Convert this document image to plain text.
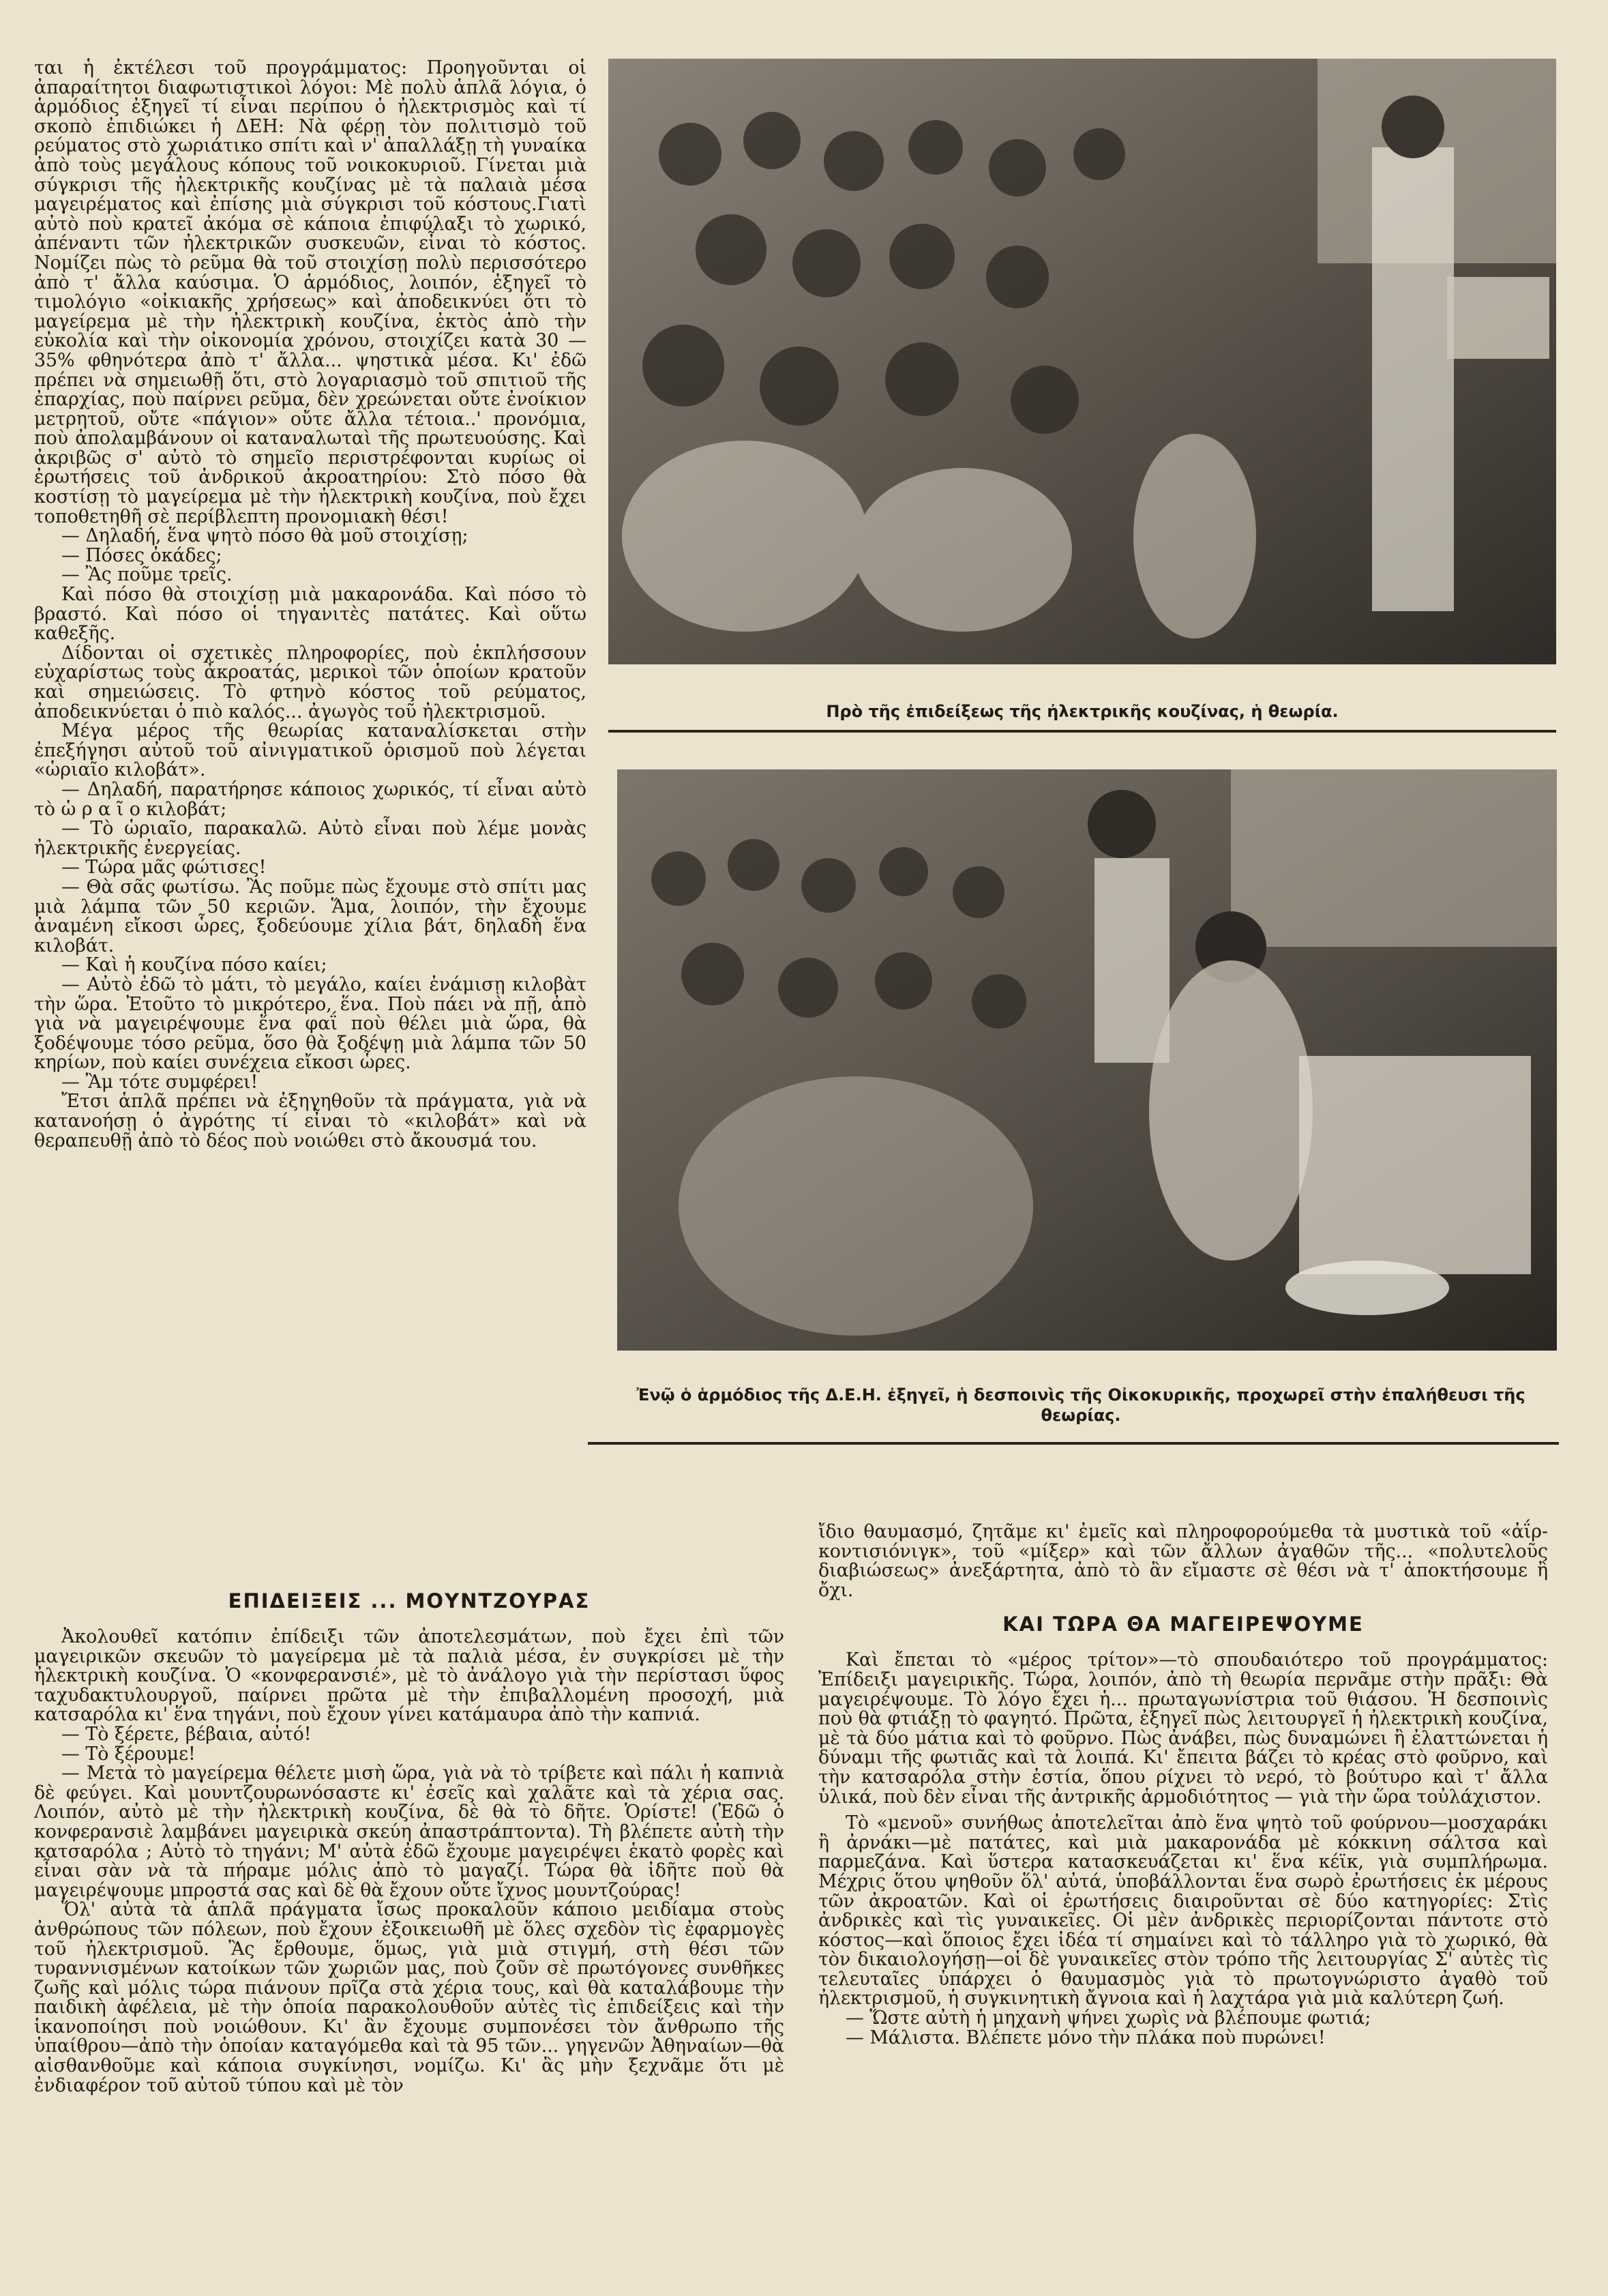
ται ἡ ἐκτέλεσι τοῦ προγράμματος: Προηγοῦνται οἱ ἀπαραίτητοι διαφωτιστικοὶ λόγοι: Μὲ πολὺ ἁπλᾶ λόγια, ὁ ἁρμόδιος ἐξηγεῖ τί εἶναι περίπου ὁ ἠλεκτρισμὸς καὶ τί σκοπὸ ἐπιδιώκει ἡ ΔΕΗ: Νὰ φέρῃ τὸν πολιτισμὸ τοῦ ρεύματος στὸ χωριάτικο σπίτι καὶ ν' ἀπαλλάξῃ τὴ γυναίκα ἀπὸ τοὺς μεγάλους κόπους τοῦ νοικοκυριοῦ. Γίνεται μιὰ σύγκρισι τῆς ἠλεκτρικῆς κουζίνας μὲ τὰ παλαιὰ μέσα μαγειρέματος καὶ ἐπίσης μιὰ σύγκρισι τοῦ κόστους.Γιατὶ αὐτὸ ποὺ κρατεῖ ἀκόμα σὲ κάποια ἐπιφύλαξι τὸ χωρικό, ἀπέναντι τῶν ἠλεκτρικῶν συσκευῶν, εἶναι τὸ κόστος. Νομίζει πὼς τὸ ρεῦμα θὰ τοῦ στοιχίσῃ πολὺ περισσότερο ἀπὸ τ' ἄλλα καύσιμα. Ὁ ἁρμόδιος, λοιπόν, ἐξηγεῖ τὸ τιμολόγιο «οἰκιακῆς χρήσεως» καὶ ἀποδεικνύει ὅτι τὸ μαγείρεμα μὲ τὴν ἠλεκτρικὴ κουζίνα, ἐκτὸς ἀπὸ τὴν εὐκολία καὶ τὴν οἰκονομία χρόνου, στοιχίζει κατὰ 30 — 35% φθηνότερα ἀπὸ τ' ἄλλα... ψηστικὰ μέσα. Κι' ἐδῶ πρέπει νὰ σημειωθῇ ὅτι, στὸ λογαριασμὸ τοῦ σπιτιοῦ τῆς ἐπαρχίας, ποὺ παίρνει ρεῦμα, δὲν χρεώνεται οὔτε ἐνοίκιον μετρητοῦ, οὔτε «πάγιον» οὔτε ἄλλα τέτοια..' προνόμια, ποὺ ἀπολαμβάνουν οἱ καταναλωταὶ τῆς πρωτευούσης. Καὶ ἀκριβῶς σ' αὐτὸ τὸ σημεῖο περιστρέφονται κυρίως οἱ ἐρωτήσεις τοῦ ἀνδρικοῦ ἀκροατηρίου: Στὸ πόσο θὰ κοστίσῃ τὸ μαγείρεμα μὲ τὴν ἠλεκτρικὴ κουζίνα, ποὺ ἔχει τοποθετηθῆ σὲ περίβλεπτη προνομιακὴ θέσι!

— Δηλαδή, ἕνα ψητὸ πόσο θὰ μοῦ στοιχίσῃ;

— Πόσες ὀκάδες;

— Ἂς ποῦμε τρεῖς.

Καὶ πόσο θὰ στοιχίσῃ μιὰ μακαρονάδα. Καὶ πόσο τὸ βραστό. Καὶ πόσο οἱ τηγανιτὲς πατάτες. Καὶ οὕτω καθεξῆς.

Δίδονται οἱ σχετικὲς πληροφορίες, ποὺ ἐκπλήσσουν εὐχαρίστως τοὺς ἀκροατάς, μερικοὶ τῶν ὁποίων κρατοῦν καὶ σημειώσεις. Τὸ φτηνὸ κόστος τοῦ ρεύματος, ἀποδεικνύεται ὁ πιὸ καλός... ἀγωγὸς τοῦ ἠλεκτρισμοῦ.

Μέγα μέρος τῆς θεωρίας καταναλίσκεται στὴν ἐπεξήγησι αὐτοῦ τοῦ αἰνιγματικοῦ ὁρισμοῦ ποὺ λέγεται «ὡριαῖο κιλοβάτ».

— Δηλαδή, παρατήρησε κάποιος χωρικός, τί εἶναι αὐτὸ τὸ ὡ ρ α ῖ ο κιλοβάτ;

— Τὸ ὡριαῖο, παρακαλῶ. Αὐτὸ εἶναι ποὺ λέμε μονὰς ἠλεκτρικῆς ἐνεργείας.

— Τώρα μᾶς φώτισες!

— Θὰ σᾶς φωτίσω. Ἂς ποῦμε πὼς ἔχουμε στὸ σπίτι μας μιὰ λάμπα τῶν 50 κεριῶν. Ἅμα, λοιπόν, τὴν ἔχουμε ἀναμένη εἴκοσι ὧρες, ξοδεύουμε χίλια βάτ, δηλαδὴ ἕνα κιλοβάτ.

— Καὶ ἡ κουζίνα πόσο καίει;

— Αὐτὸ ἐδῶ τὸ μάτι, τὸ μεγάλο, καίει ἑνάμισῃ κιλοβὰτ τὴν ὥρα. Ἐτοῦτο τὸ μικρότερο, ἕνα. Ποὺ πάει νὰ πῇ, ἀπὸ γιὰ νὰ μαγειρέψουμε ἕνα φαΐ ποὺ θέλει μιὰ ὥρα, θὰ ξοδέψουμε τόσο ρεῦμα, ὅσο θὰ ξοδέψῃ μιὰ λάμπα τῶν 50 κηρίων, ποὺ καίει συνέχεια εἴκοσι ὧρες.

— Ἂμ τότε συμφέρει!

Ἔτσι ἁπλᾶ πρέπει νὰ ἐξηγηθοῦν τὰ πράγματα, γιὰ νὰ κατανοήσῃ ὁ ἀγρότης τί εἶναι τὸ «κιλοβάτ» καὶ νὰ θεραπευθῇ ἀπὸ τὸ δέος ποὺ νοιώθει στὸ ἄκουσμά του.

Πρὸ τῆς ἐπιδείξεως τῆς ἠλεκτρικῆς κουζίνας, ἡ θεωρία.
Ἐνῷ ὁ ἁρμόδιος τῆς Δ.Ε.Η. ἐξηγεῖ, ἡ δεσποινὶς τῆς Οἰκοκυρικῆς, προχωρεῖ στὴν ἐπαλήθευσι τῆς θεωρίας.
ΕΠΙΔΕΙΞΕΙΣ ... ΜΟΥΝΤΖΟΥΡΑΣ

Ἀκολουθεῖ κατόπιν ἐπίδειξι τῶν ἀποτελεσμάτων, ποὺ ἔχει ἐπὶ τῶν μαγειρικῶν σκευῶν τὸ μαγείρεμα μὲ τὰ παλιὰ μέσα, ἐν συγκρίσει μὲ τὴν ἠλεκτρικὴ κουζίνα. Ὁ «κονφερανσιέ», μὲ τὸ ἀνάλογο γιὰ τὴν περίστασι ὕφος ταχυδακτυλουργοῦ, παίρνει πρῶτα μὲ τὴν ἐπιβαλλομένη προσοχή, μιὰ κατσαρόλα κι' ἕνα τηγάνι, ποὺ ἔχουν γίνει κατάμαυρα ἀπὸ τὴν καπνιά.

— Τὸ ξέρετε, βέβαια, αὐτό!

— Τὸ ξέρουμε!

— Μετὰ τὸ μαγείρεμα θέλετε μισὴ ὥρα, γιὰ νὰ τὸ τρίβετε καὶ πάλι ἡ καπνιὰ δὲ φεύγει. Καὶ μουντζουρωνόσαστε κι' ἐσεῖς καὶ χαλᾶτε καὶ τὰ χέρια σας. Λοιπόν, αὐτὸ μὲ τὴν ἠλεκτρικὴ κουζίνα, δὲ θὰ τὸ δῆτε. Ὁρίστε! (Ἐδῶ ὁ κονφερανσιὲ λαμβάνει μαγειρικὰ σκεύη ἀπαστράπτοντα). Τὴ βλέπετε αὐτὴ τὴν κατσαρόλα ; Αὐτὸ τὸ τηγάνι; Μ' αὐτὰ ἐδῶ ἔχουμε μαγειρέψει ἑκατὸ φορὲς καὶ εἶναι σὰν νὰ τὰ πήραμε μόλις ἀπὸ τὸ μαγαζί. Τώρα θὰ ἰδῆτε ποὺ θὰ μαγειρέψουμε μπροστά σας καὶ δὲ θὰ ἔχουν οὔτε ἴχνος μουντζούρας!

Ὅλ' αὐτὰ τὰ ἁπλᾶ πράγματα ἴσως προκαλοῦν κάποιο μειδίαμα στοὺς ἀνθρώπους τῶν πόλεων, ποὺ ἔχουν ἐξοικειωθῆ μὲ ὅλες σχεδὸν τὶς ἐφαρμογὲς τοῦ ἠλεκτρισμοῦ. Ἂς ἔρθουμε, ὅμως, γιὰ μιὰ στιγμή, στὴ θέσι τῶν τυραννισμένων κατοίκων τῶν χωριῶν μας, ποὺ ζοῦν σὲ πρωτόγονες συνθῆκες ζωῆς καὶ μόλις τώρα πιάνουν πρῖζα στὰ χέρια τους, καὶ θὰ καταλάβουμε τὴν παιδικὴ ἀφέλεια, μὲ τὴν ὁποία παρακολουθοῦν αὐτὲς τὶς ἐπιδείξεις καὶ τὴν ἱκανοποίησι ποὺ νοιώθουν. Κι' ἂν ἔχουμε συμπονέσει τὸν ἄνθρωπο τῆς ὑπαίθρου—ἀπὸ τὴν ὁποίαν καταγόμεθα καὶ τὰ 95 τῶν... γηγενῶν Ἀθηναίων—θὰ αἰσθανθοῦμε καὶ κάποια συγκίνησι, νομίζω. Κι' ἂς μὴν ξεχνᾶμε ὅτι μὲ ἐνδιαφέρον τοῦ αὐτοῦ τύπου καὶ μὲ τὸν

ἴδιο θαυμασμό, ζητᾶμε κι' ἐμεῖς καὶ πληροφορούμεθα τὰ μυστικὰ τοῦ «ἀΐρ-κοντισιόνιγκ», τοῦ «μίξερ» καὶ τῶν ἄλλων ἀγαθῶν τῆς... «πολυτελοῦς διαβιώσεως» ἀνεξάρτητα, ἀπὸ τὸ ἂν εἴμαστε σὲ θέσι νὰ τ' ἀποκτήσουμε ἢ ὄχι.

ΚΑΙ ΤΩΡΑ ΘΑ ΜΑΓΕΙΡΕΨΟΥΜΕ

Καὶ ἔπεται τὸ «μέρος τρίτον»—τὸ σπουδαιότερο τοῦ προγράμματος: Ἐπίδειξι μαγειρικῆς. Τώρα, λοιπόν, ἀπὸ τὴ θεωρία περνᾶμε στὴν πρᾶξι: Θὰ μαγειρέψουμε. Τὸ λόγο ἔχει ἡ... πρωταγωνίστρια τοῦ θιάσου. Ἡ δεσποινὶς ποὺ θὰ φτιάξῃ τὸ φαγητό. Πρῶτα, ἐξηγεῖ πὼς λειτουργεῖ ἡ ἠλεκτρικὴ κουζίνα, μὲ τὰ δύο μάτια καὶ τὸ φοῦρνο. Πὼς ἀνάβει, πὼς δυναμώνει ἢ ἐλαττώνεται ἡ δύναμι τῆς φωτιᾶς καὶ τὰ λοιπά. Κι' ἔπειτα βάζει τὸ κρέας στὸ φοῦρνο, καὶ τὴν κατσαρόλα στὴν ἑστία, ὅπου ρίχνει τὸ νερό, τὸ βούτυρο καὶ τ' ἄλλα ὑλικά, ποὺ δὲν εἶναι τῆς ἀντρικῆς ἁρμοδιότητος — γιὰ τὴν ὥρα τοὐλάχιστον.

Τὸ «μενοῦ» συνήθως ἀποτελεῖται ἀπὸ ἕνα ψητὸ τοῦ φούρνου—μοσχαράκι ἢ ἀρνάκι—μὲ πατάτες, καὶ μιὰ μακαρονάδα μὲ κόκκινη σάλτσα καὶ παρμεζάνα. Καὶ ὕστερα κατασκευάζεται κι' ἕνα κέϊκ, γιὰ συμπλήρωμα. Μέχρις ὅτου ψηθοῦν ὅλ' αὐτά, ὑποβάλλονται ἕνα σωρὸ ἐρωτήσεις ἐκ μέρους τῶν ἀκροατῶν. Καὶ οἱ ἐρωτήσεις διαιροῦνται σὲ δύο κατηγορίες: Στὶς ἀνδρικὲς καὶ τὶς γυναικεῖες. Οἱ μὲν ἀνδρικὲς περιορίζονται πάντοτε στὸ κόστος—καὶ ὅποιος ἔχει ἰδέα τί σημαίνει καὶ τὸ τάλληρο γιὰ τὸ χωρικό, θὰ τὸν δικαιολογήσῃ—οἱ δὲ γυναικεῖες στὸν τρόπο τῆς λειτουργίας Σ' αὐτὲς τὶς τελευταῖες ὑπάρχει ὁ θαυμασμὸς γιὰ τὸ πρωτογνώριστο ἀγαθὸ τοῦ ἠλεκτρισμοῦ, ἡ συγκινητικὴ ἄγνοια καὶ ἡ λαχτάρα γιὰ μιὰ καλύτερη ζωή.

— Ὥστε αὐτὴ ἡ μηχανὴ ψήνει χωρὶς νὰ βλέπουμε φωτιά;

— Μάλιστα. Βλέπετε μόνο τὴν πλάκα ποὺ πυρώνει!
